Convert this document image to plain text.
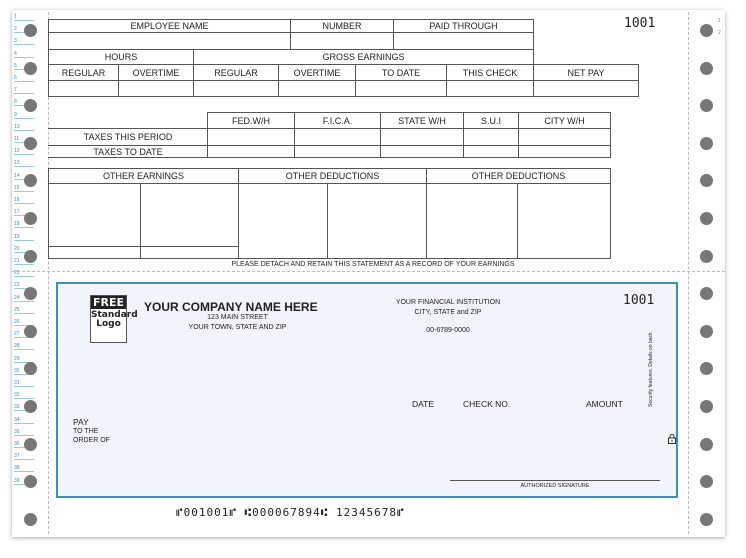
1
2
3
4
5
6
7
8
9
10
11
12
13
14
15
16
17
18
19
20
21
22
23
24
25
26
27
28
29
30
31
32
33
34
35
36
37
38
39
1
2
EMPLOYEE NAME	NUMBER	PAID THROUGH	1001
HOURS	GROSS EARNINGS
REGULAR	OVERTIME	REGULAR	OVERTIME	TO DATE	THIS CHECK	NET PAY
FED.W/H	F.I.C.A.	STATE W/H	S.U.I	CITY W/H
TAXES THIS PERIOD
TAXES TO DATE
OTHER EARNINGS	OTHER DEDUCTIONS	OTHER DEDUCTIONS
PLEASE DETACH AND RETAIN THIS STATEMENT AS A RECORD OF YOUR EARNINGS
FREE
Standard
Logo
YOUR COMPANY NAME HERE
123 MAIN STREET
YOUR TOWN, STATE AND ZIP
YOUR FINANCIAL INSTITUTION
CITY, STATE and ZIP
00-6789-0000
1001
DATE	CHECK NO.	AMOUNT
PAY
TO THE
ORDER OF
AUTHORIZED SIGNATURE
Security features. Details on back.
⑈001001⑈ ⑆000067894⑆ 12345678⑈
